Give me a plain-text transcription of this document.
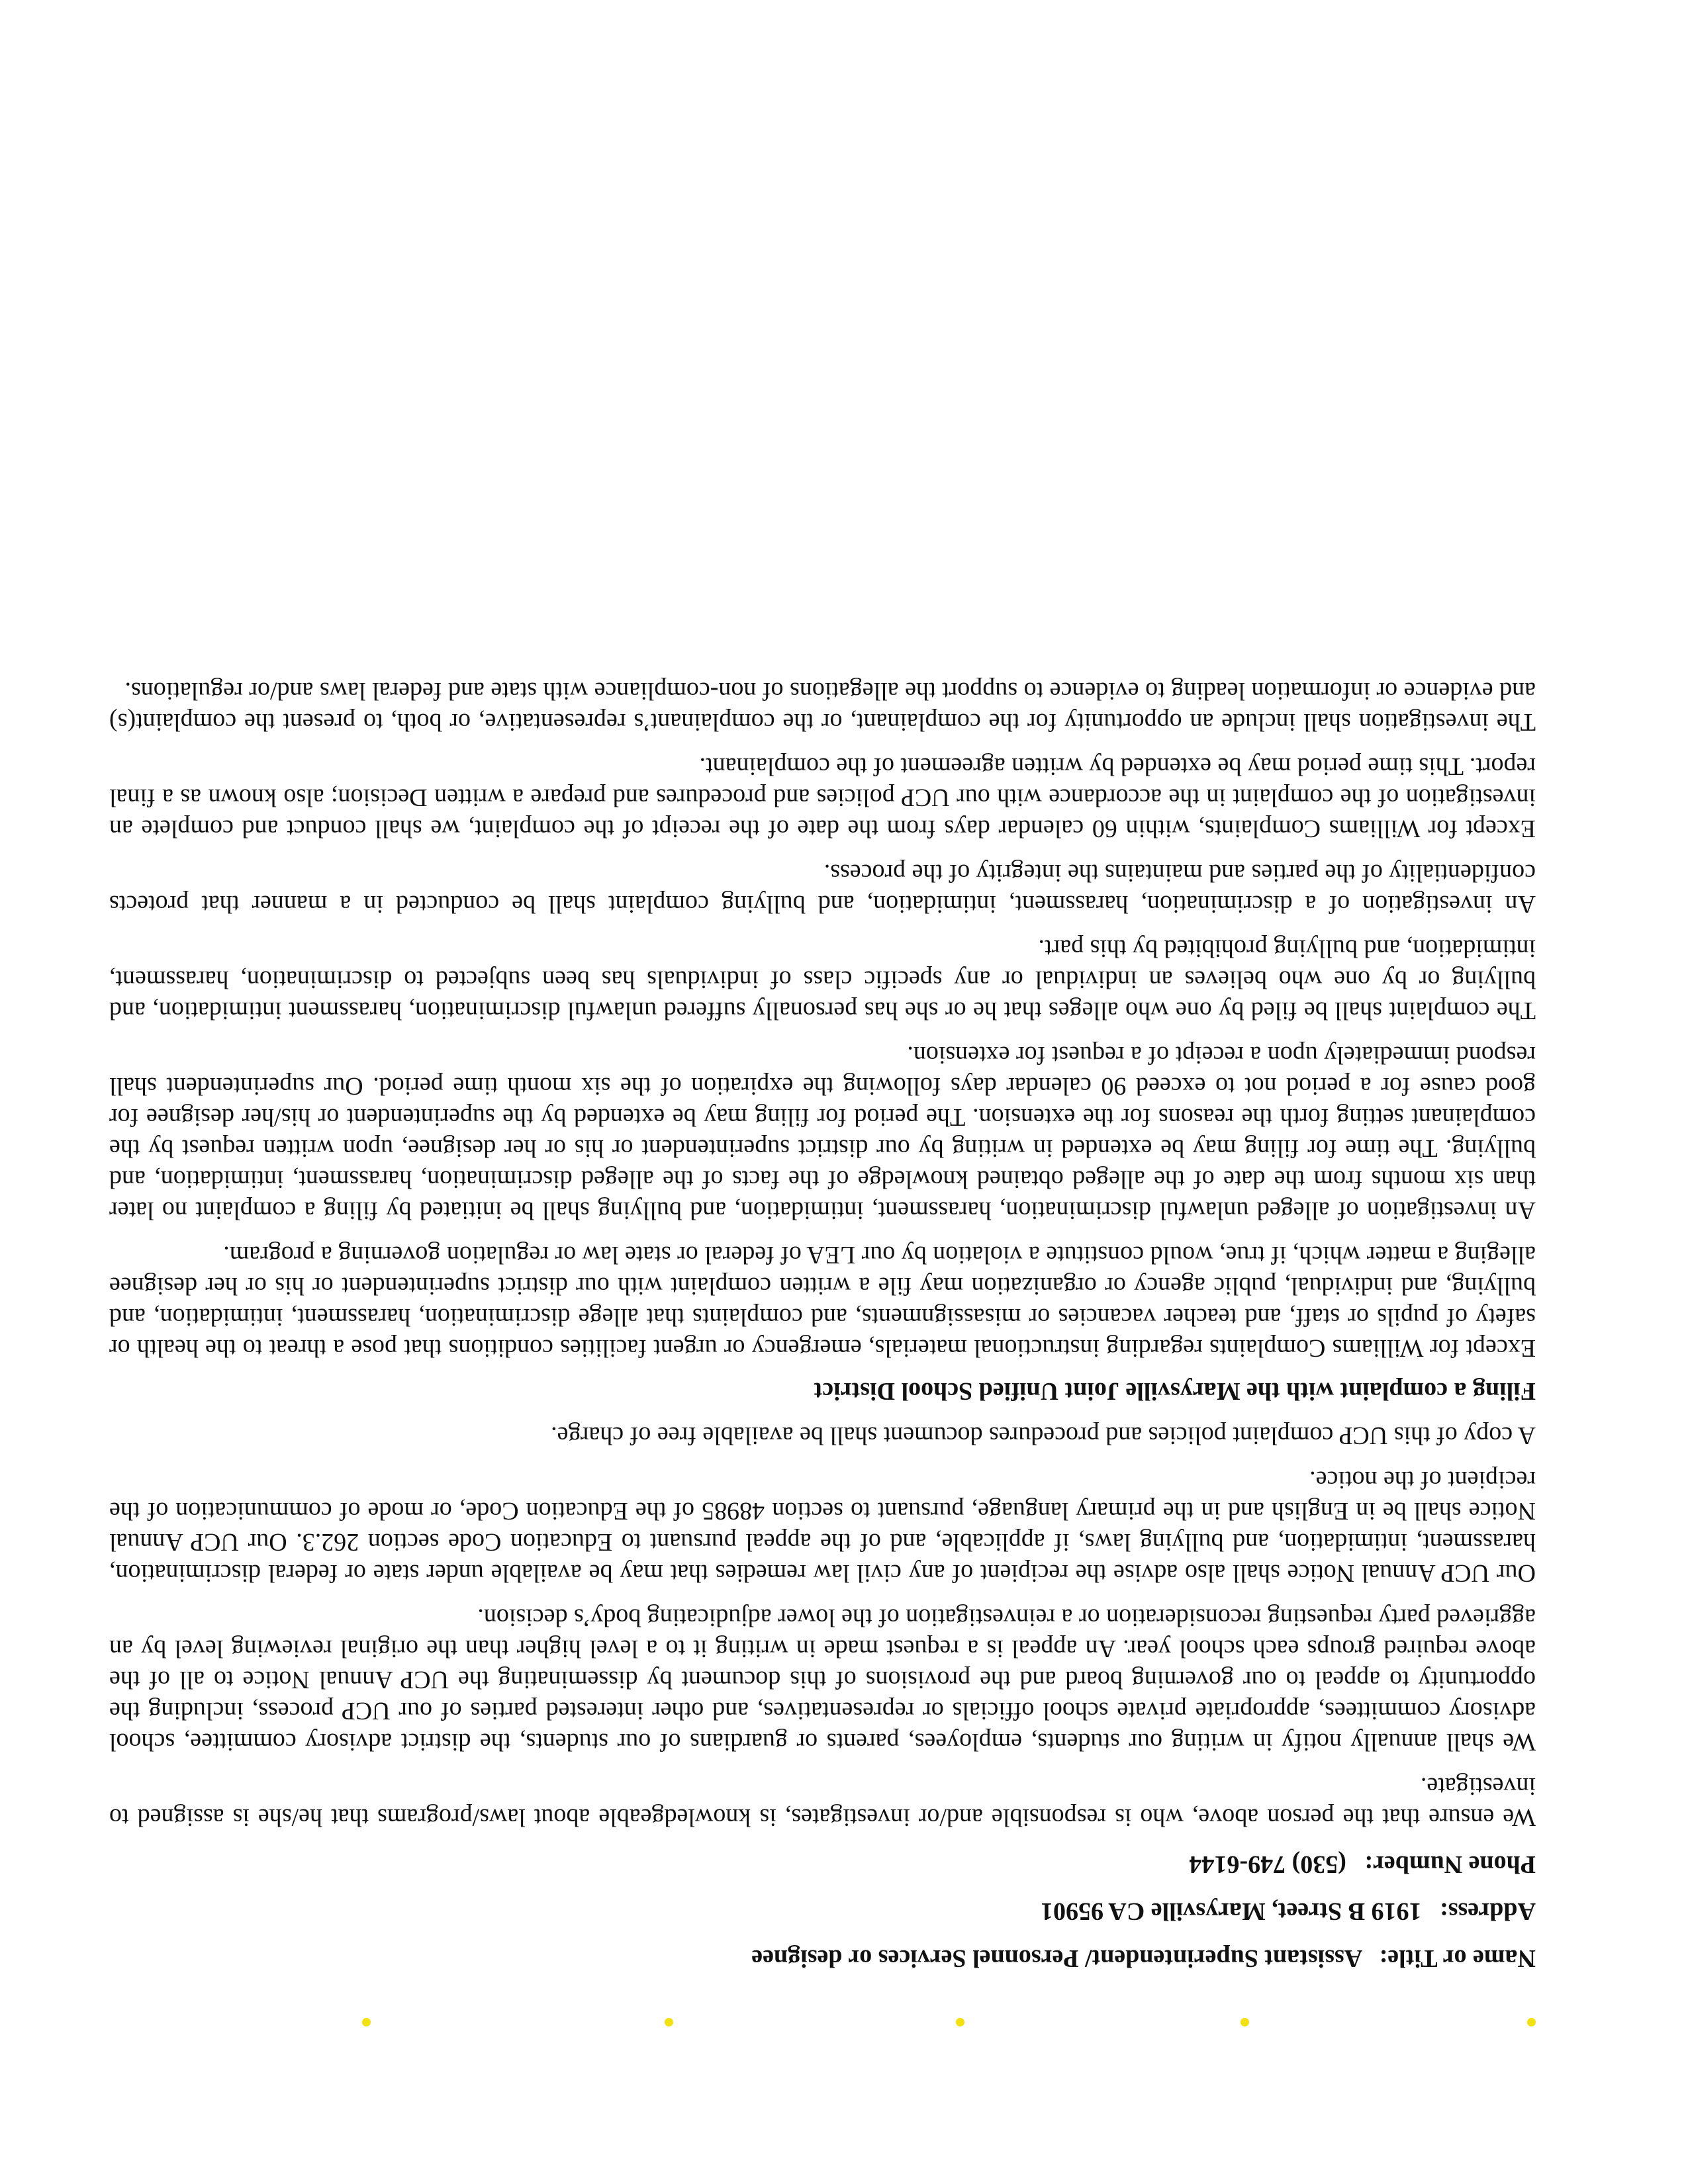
Name or Title: Assistant Superintendent/ Personnel Services or designee
Address: 1919 B Street, Marysville CA 95901
Phone Number: (530) 749-6144

We ensure that the person above, who is responsible and/or investigates, is knowledgeable about laws/programs that he/she is assigned to investigate.

We shall annually notify in writing our students, employees, parents or guardians of our students, the district advisory committee, school advisory committees, appropriate private school officials or representatives, and other interested parties of our UCP process, including the opportunity to appeal to our governing board and the provisions of this document by disseminating the UCP Annual Notice to all of the above required groups each school year. An appeal is a request made in writing it to a level higher than the original reviewing level by an aggrieved party requesting reconsideration or a reinvestigation of the lower adjudicating body’s decision.

Our UCP Annual Notice shall also advise the recipient of any civil law remedies that may be available under state or federal discrimination, harassment, intimidation, and bullying laws, if applicable, and of the appeal pursuant to Education Code section 262.3. Our UCP Annual Notice shall be in English and in the primary language, pursuant to section 48985 of the Education Code, or mode of communication of the recipient of the notice.

A copy of this UCP complaint policies and procedures document shall be available free of charge.

Filing a complaint with the Marysville Joint Unified School District

Except for Williams Complaints regarding instructional materials, emergency or urgent facilities conditions that pose a threat to the health or safety of pupils or staff, and teacher vacancies or misassignments, and complaints that allege discrimination, harassment, intimidation, and bullying, and individual, public agency or organization may file a written complaint with our district superintendent or his or her designee alleging a matter which, if true, would constitute a violation by our LEA of federal or state law or regulation governing a program.

An investigation of alleged unlawful discrimination, harassment, intimidation, and bullying shall be initiated by filing a complaint no later than six months from the date of the alleged obtained knowledge of the facts of the alleged discrimination, harassment, intimidation, and bullying. The time for filing may be extended in writing by our district superintendent or his or her designee, upon written request by the complainant setting forth the reasons for the extension. The period for filing may be extended by the superintendent or his/her designee for good cause for a period not to exceed 90 calendar days following the expiration of the six month time period. Our superintendent shall respond immediately upon a receipt of a request for extension.

The complaint shall be filed by one who alleges that he or she has personally suffered unlawful discrimination, harassment intimidation, and bullying or by one who believes an individual or any specific class of individuals has been subjected to discrimination, harassment, intimidation, and bullying prohibited by this part.

An investigation of a discrimination, harassment, intimidation, and bullying complaint shall be conducted in a manner that protects confidentiality of the parties and maintains the integrity of the process.

Except for Williams Complaints, within 60 calendar days from the date of the receipt of the complaint, we shall conduct and complete an investigation of the complaint in the accordance with our UCP policies and procedures and prepare a written Decision; also known as a final report. This time period may be extended by written agreement of the complainant.

The investigation shall include an opportunity for the complainant, or the complainant’s representative, or both, to present the complaint(s) and evidence or information leading to evidence to support the allegations of non-compliance with state and federal laws and/or regulations.
